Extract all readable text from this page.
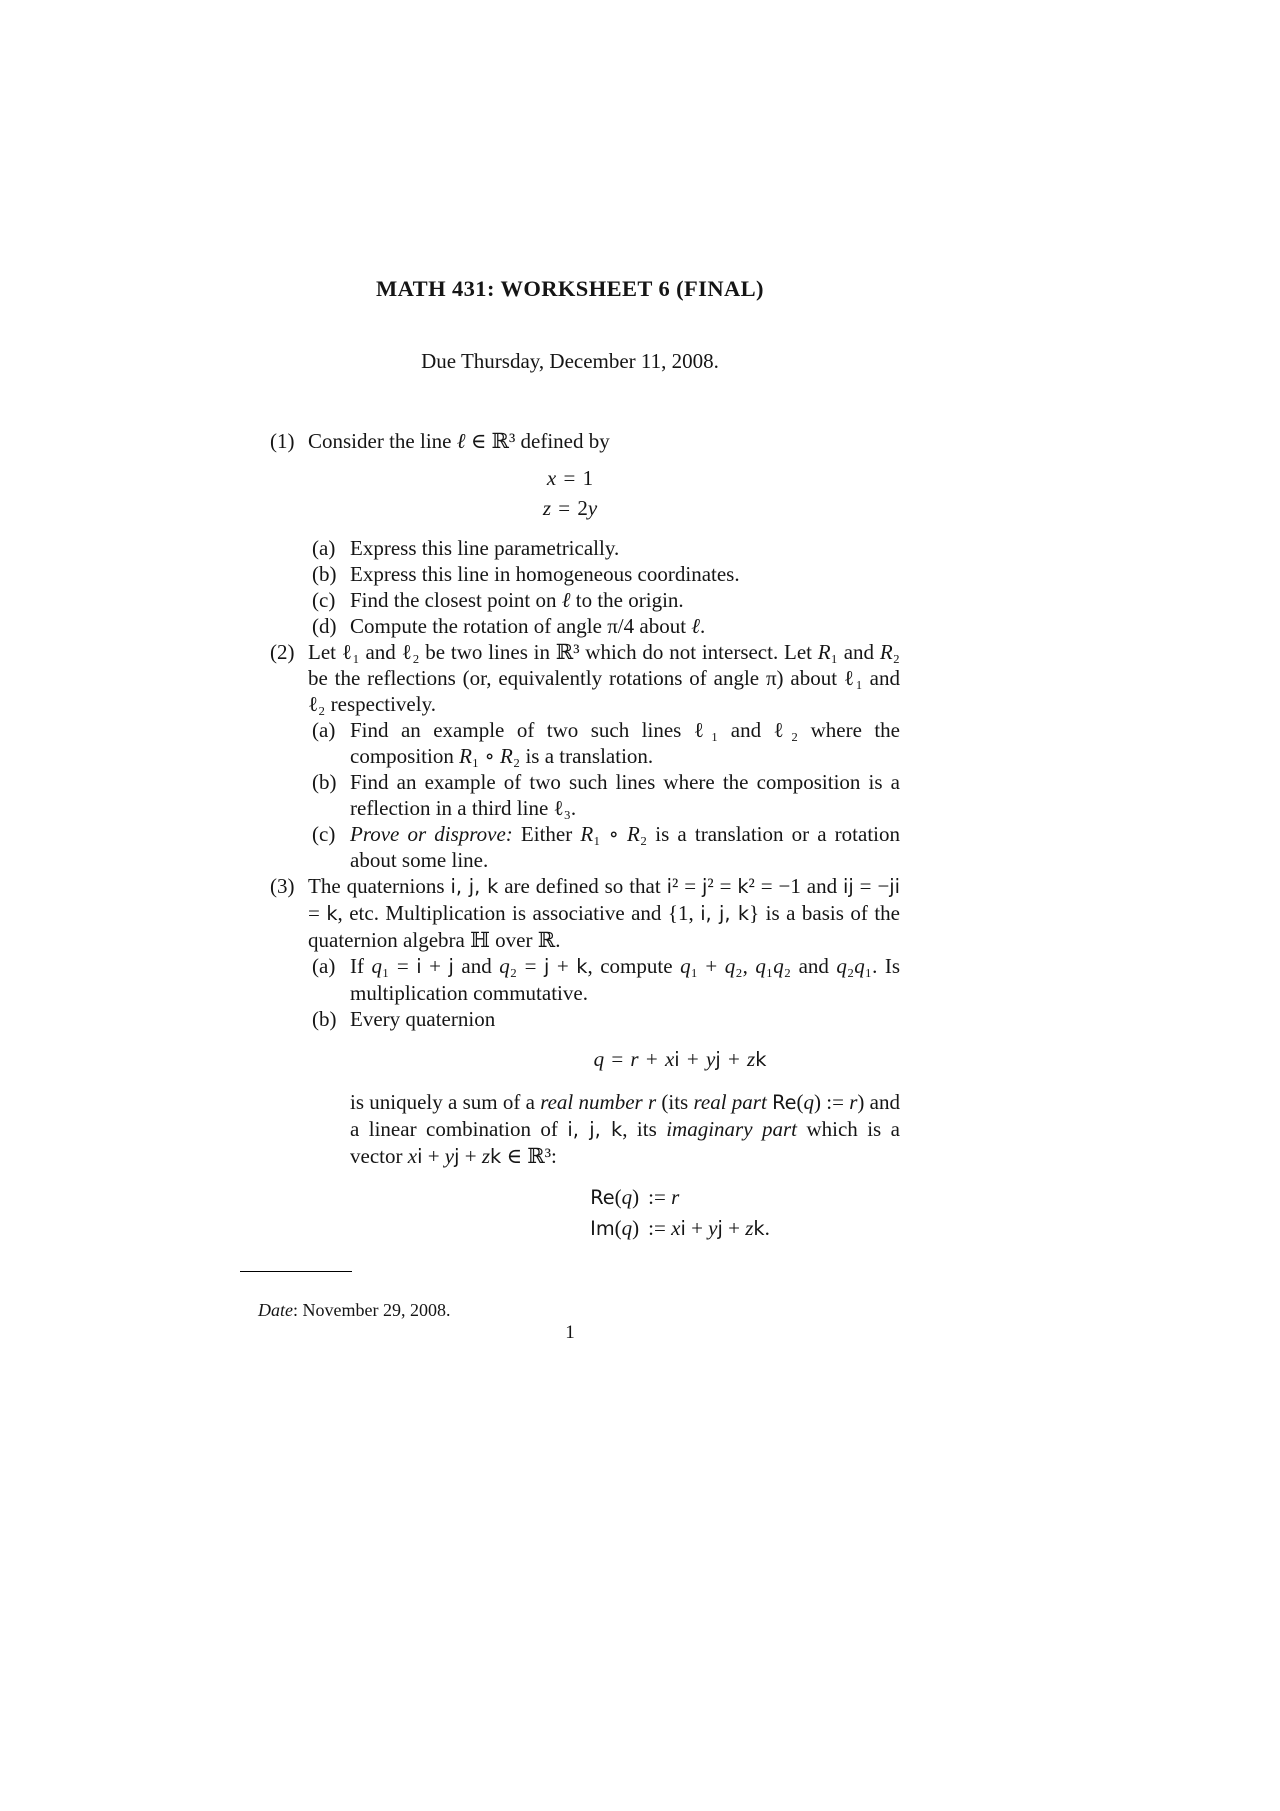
MATH 431: WORKSHEET 6 (FINAL)

Due Thursday, December 11, 2008.

(1) Consider the line ℓ ∈ ℝ³ defined by

x = 1
z = 2y
(a) Express this line parametrically.
(b) Express this line in homogeneous coordinates.
(c) Find the closest point on ℓ to the origin.
(d) Compute the rotation of angle π/4 about ℓ.
(2) Let ℓ₁ and ℓ₂ be two lines in ℝ³ which do not intersect. Let R₁ and R₂ be the reflections (or, equivalently rotations of angle π) about ℓ₁ and ℓ₂ respectively.

(a) Find an example of two such lines ℓ₁ and ℓ₂ where the composition R₁ ∘ R₂ is a translation.
(b) Find an example of two such lines where the composition is a reflection in a third line ℓ₃.
(c) Prove or disprove: Either R₁ ∘ R₂ is a translation or a rotation about some line.
(3) The quaternions i, j, k are defined so that i² = j² = k² = −1 and ij = −ji = k, etc. Multiplication is associative and {1, i, j, k} is a basis of the quaternion algebra ℍ over ℝ.

(a) If q₁ = i + j and q₂ = j + k, compute q₁ + q₂, q₁q₂ and q₂q₁. Is multiplication commutative.
(b) Every quaternion
q = r + xi + yj + zk

is uniquely a sum of a real number r (its real part Re(q) := r) and a linear combination of i, j, k, its imaginary part which is a vector xi + yj + zk ∈ ℝ³:

Re(q) := r
Im(q) := xi + yj + zk.

Date: November 29, 2008.

1
